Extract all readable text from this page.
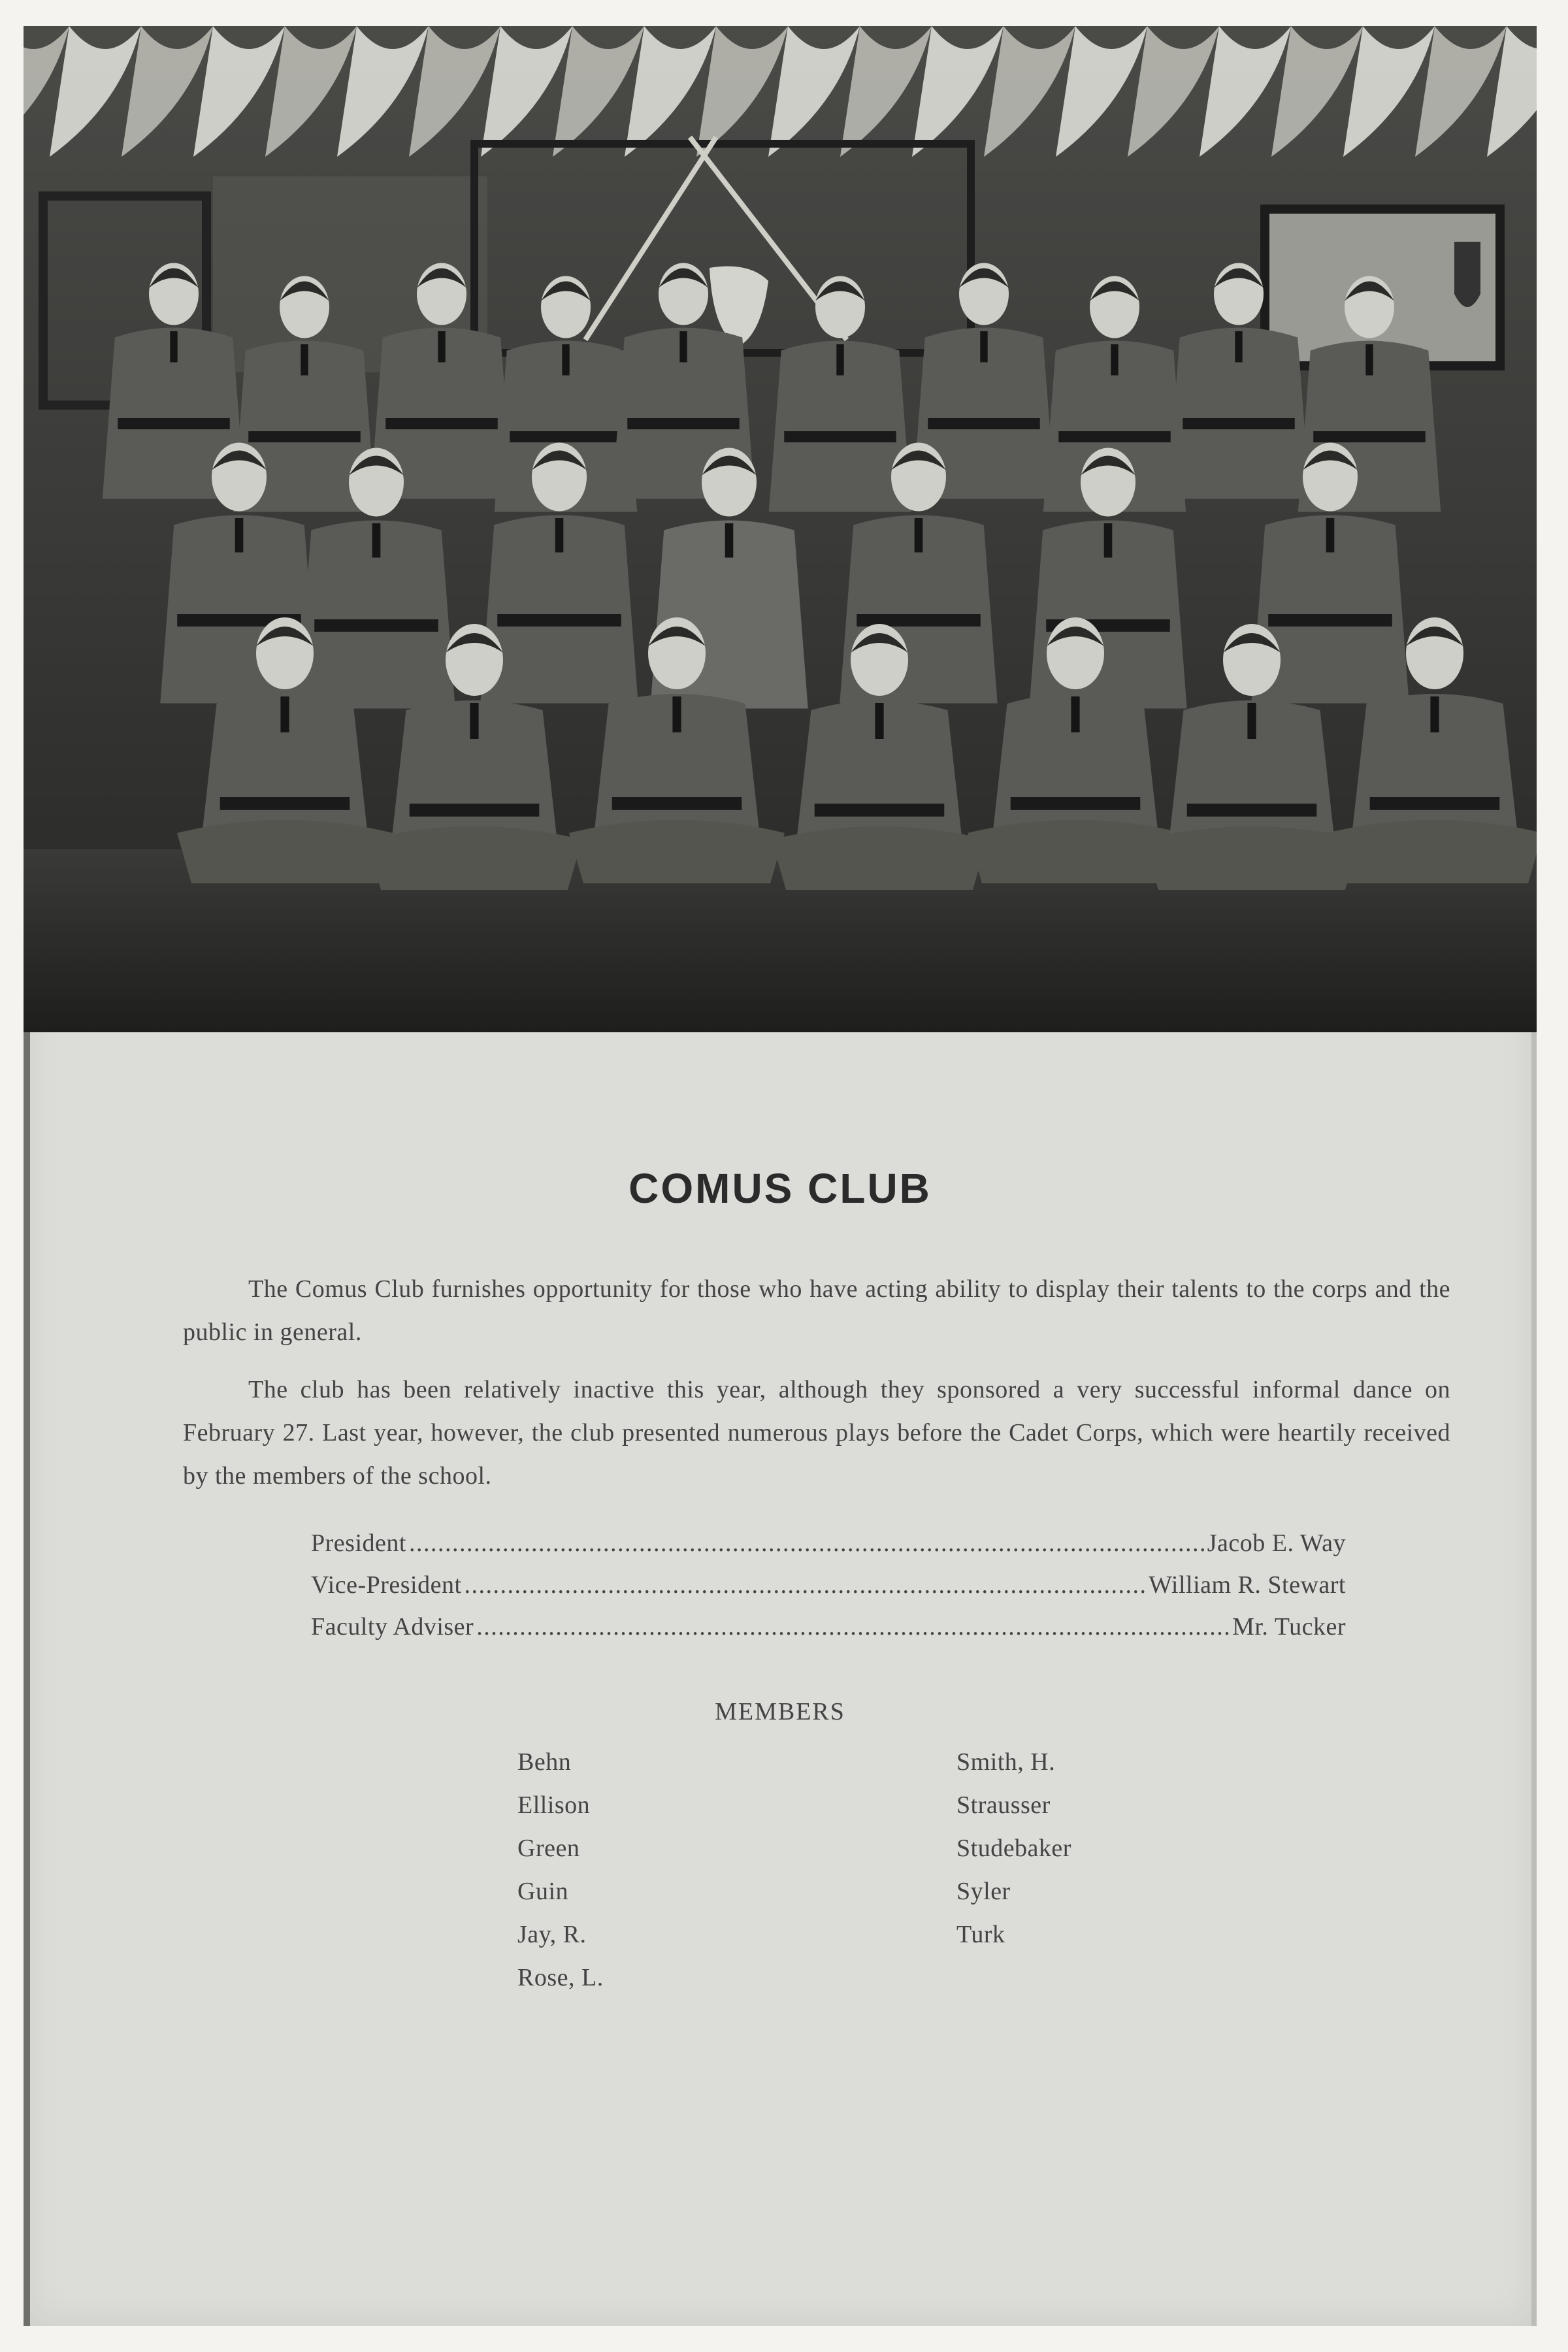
COMUS CLUB

The Comus Club furnishes opportunity for those who have acting ability to display their talents to the corps and the public in general.

The club has been relatively inactive this year, although they sponsored a very successful informal dance on February 27. Last year, however, the club presented numerous plays before the Cadet Corps, which were heartily received by the members of the school.

President . . .	Jacob E. Way
Vice-President . . .	William R. Stewart
Faculty Adviser . . .	Mr. Tucker
MEMBERS
Behn
Ellison
Green
Guin
Jay, R.
Rose, L.
Smith, H.
Strausser
Studebaker
Syler
Turk
